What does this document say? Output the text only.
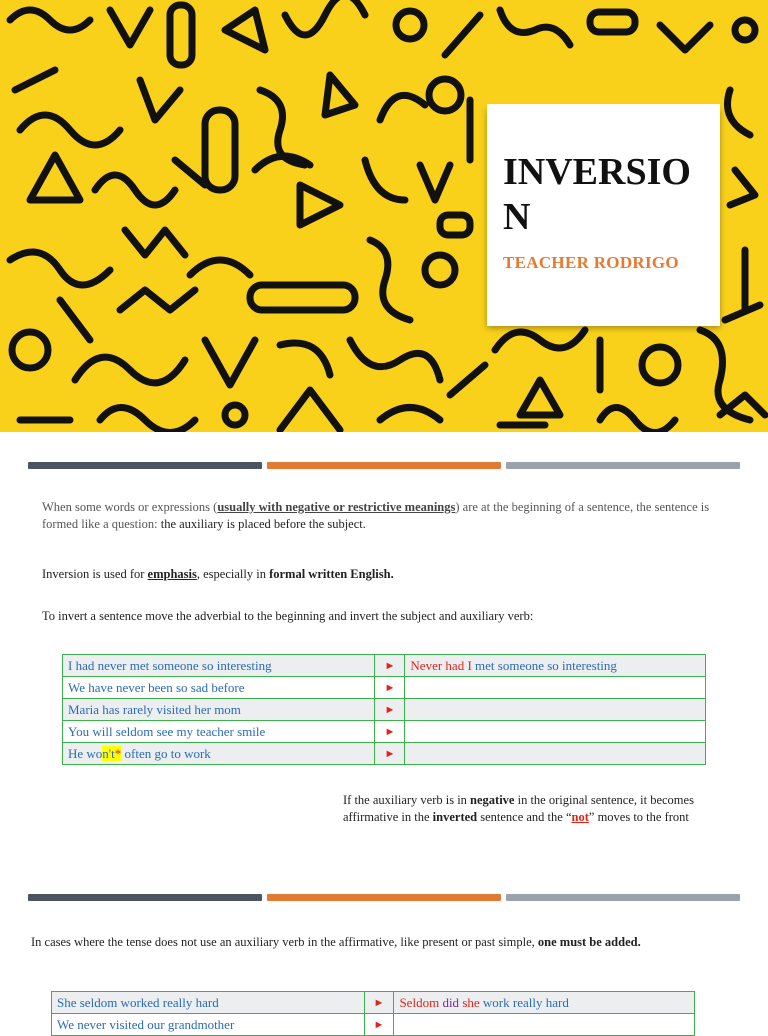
INVERSION

TEACHER RODRIGO

When some words or expressions (usually with negative or restrictive meanings) are at the beginning of a sentence, the sentence is formed like a question: the auxiliary is placed before the subject.
Inversion is used for emphasis, especially in formal written English.
To invert a sentence move the adverbial to the beginning and invert the subject and auxiliary verb:
I had never met someone so interesting	►	Never had I met someone so interesting
We have never been so sad before	►	
Maria has rarely visited her mom	►	
You will seldom see my teacher smile	►	
He won't* often go to work	►	
If the auxiliary verb is in negative in the original sentence, it becomes affirmative in the inverted sentence and the “not” moves to the front
In cases where the tense does not use an auxiliary verb in the affirmative, like present or past simple, one must be added.
She seldom worked really hard	►	Seldom did she work really hard
We never visited our grandmother	►	
